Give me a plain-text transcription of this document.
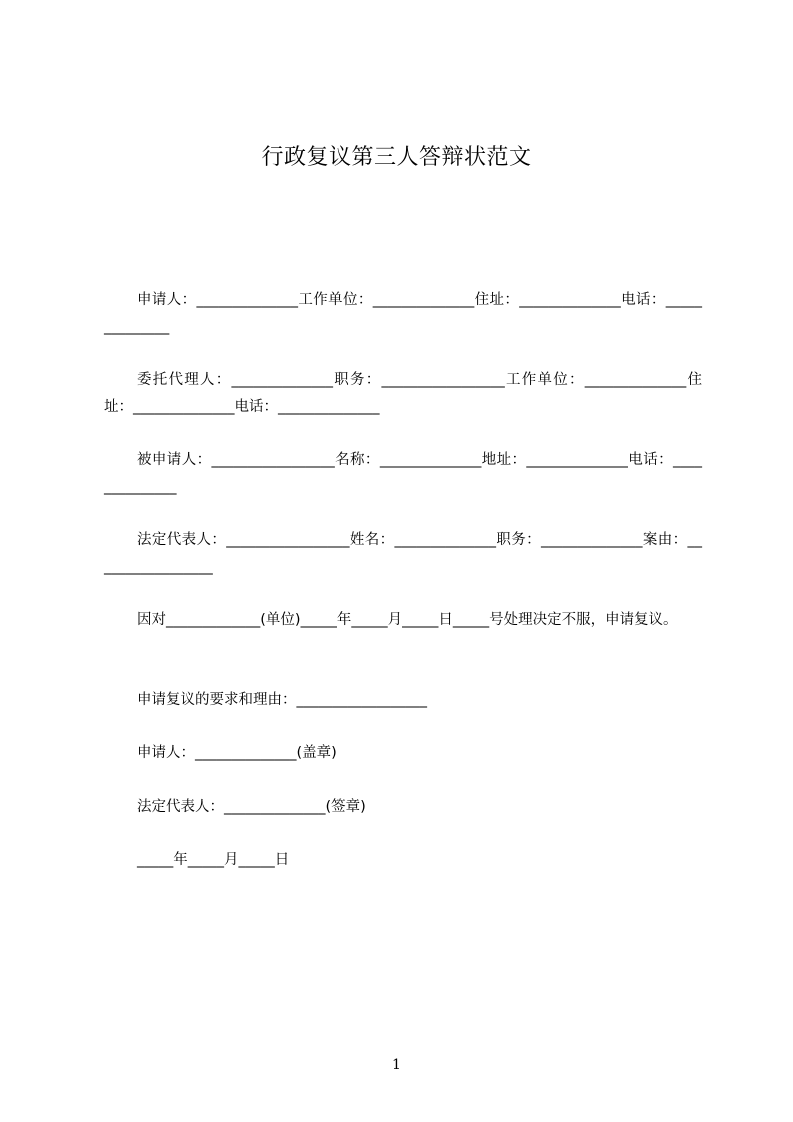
行政复议第三人答辩状范文
申请人：______________工作单位：______________住址：______________电话：______________
委托代理人：______________职务：_________________工作单位：______________住址：______________电话：______________
被申请人：_________________名称：______________地址：______________电话：______________
法定代表人：_________________姓名：______________职务：______________案由：_________________
因对_____________(单位)_____年_____月_____日_____号处理决定不服，申请复议。
申请复议的要求和理由：__________________
申请人：______________(盖章)
法定代表人：______________(签章)
_____年_____月_____日
1
